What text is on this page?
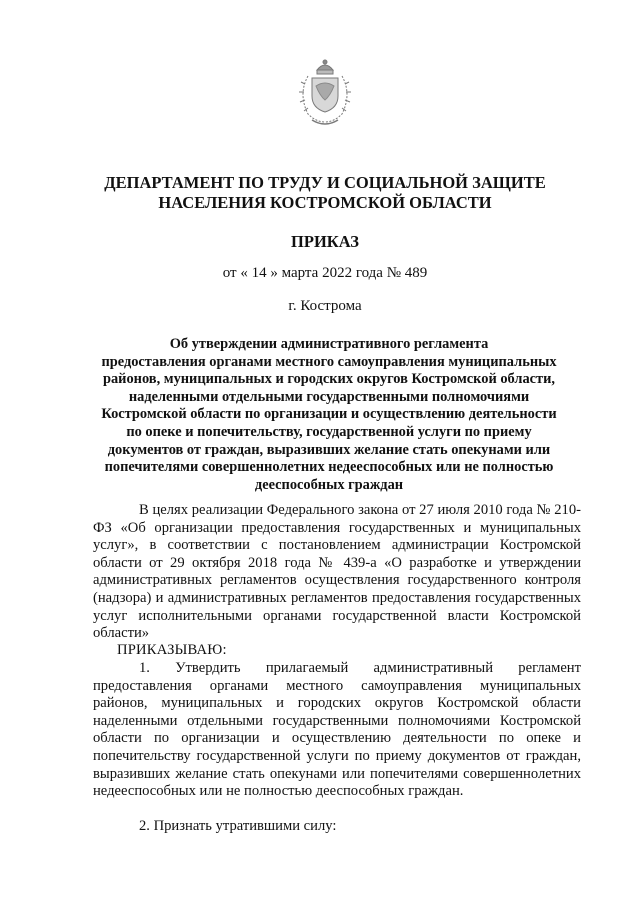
ДЕПАРТАМЕНТ ПО ТРУДУ И СОЦИАЛЬНОЙ ЗАЩИТЕ
НАСЕЛЕНИЯ КОСТРОМСКОЙ ОБЛАСТИ
ПРИКАЗ
от « 14 » марта 2022 года № 489
г. Кострома
Об утверждении административного регламента
предоставления органами местного самоуправления муниципальных
районов, муниципальных и городских округов Костромской области,
наделенными отдельными государственными полномочиями
Костромской области по организации и осуществлению деятельности
по опеке и попечительству, государственной услуги по приему
документов от граждан, выразивших желание стать опекунами или
попечителями совершеннолетних недееспособных или не полностью
дееспособных граждан
В целях реализации Федерального закона от 27 июля 2010 года № 210-ФЗ «Об организации предоставления государственных и муниципальных услуг», в соответствии с постановлением администрации Костромской области от 29 октября 2018 года № 439-а «О разработке и утверждении административных регламентов осуществления государственного контроля (надзора) и административных регламентов предоставления государственных услуг исполнительными органами государственной власти Костромской области»
ПРИКАЗЫВАЮ:
1. Утвердить прилагаемый административный регламент предоставления органами местного самоуправления муниципальных районов, муниципальных и городских округов Костромской области наделенными отдельными государственными полномочиями Костромской области по организации и осуществлению деятельности по опеке и попечительству государственной услуги по приему документов от граждан, выразивших желание стать опекунами или попечителями совершеннолетних недееспособных или не полностью дееспособных граждан.
2. Признать утратившими силу:
